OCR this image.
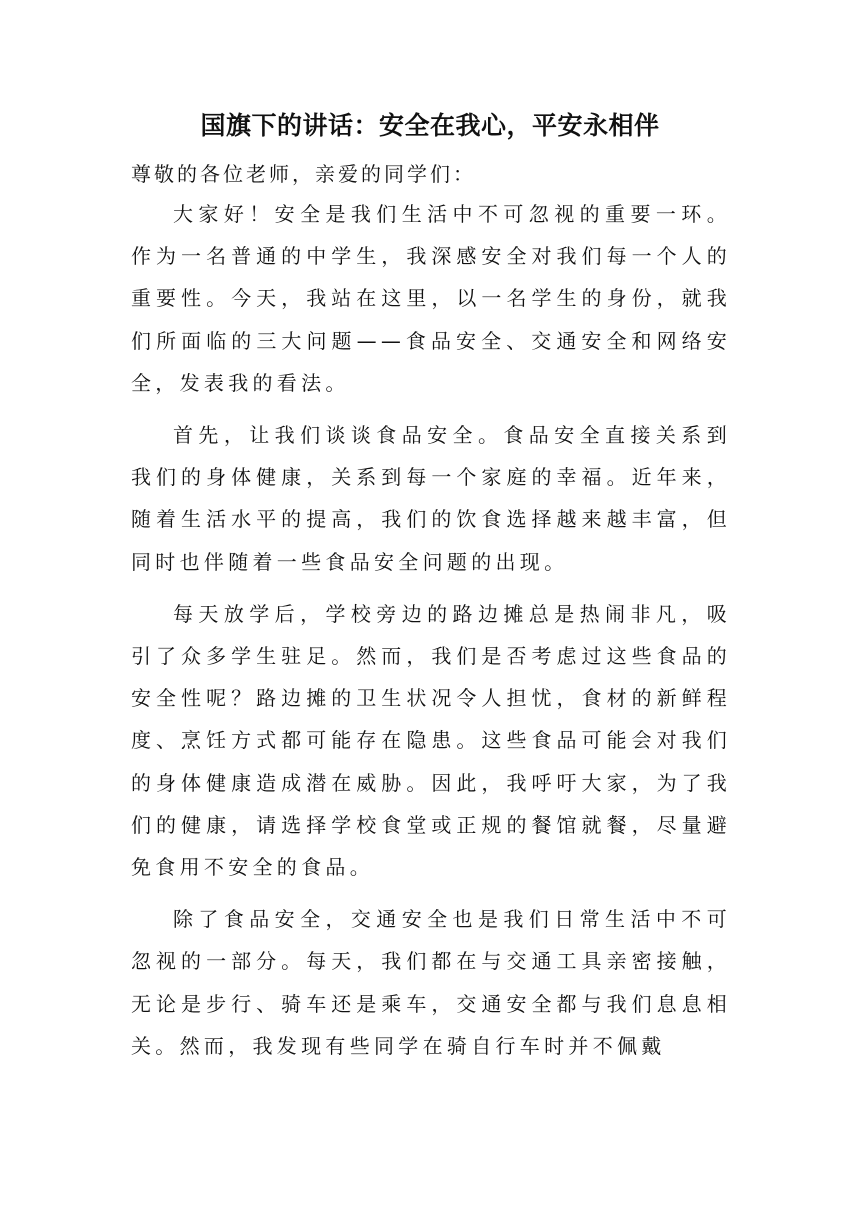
国旗下的讲话：安全在我心，平安永相伴

尊敬的各位老师，亲爱的同学们：

大家好！安全是我们生活中不可忽视的重要一环。作为一名普通的中学生，我深感安全对我们每一个人的重要性。今天，我站在这里，以一名学生的身份，就我们所面临的三大问题——食品安全、交通安全和网络安全，发表我的看法。

首先，让我们谈谈食品安全。食品安全直接关系到我们的身体健康，关系到每一个家庭的幸福。近年来，随着生活水平的提高，我们的饮食选择越来越丰富，但同时也伴随着一些食品安全问题的出现。

每天放学后，学校旁边的路边摊总是热闹非凡，吸引了众多学生驻足。然而，我们是否考虑过这些食品的安全性呢？路边摊的卫生状况令人担忧，食材的新鲜程度、烹饪方式都可能存在隐患。这些食品可能会对我们的身体健康造成潜在威胁。因此，我呼吁大家，为了我们的健康，请选择学校食堂或正规的餐馆就餐，尽量避免食用不安全的食品。

除了食品安全，交通安全也是我们日常生活中不可忽视的一部分。每天，我们都在与交通工具亲密接触，无论是步行、骑车还是乘车，交通安全都与我们息息相关。然而，我发现有些同学在骑自行车时并不佩戴
